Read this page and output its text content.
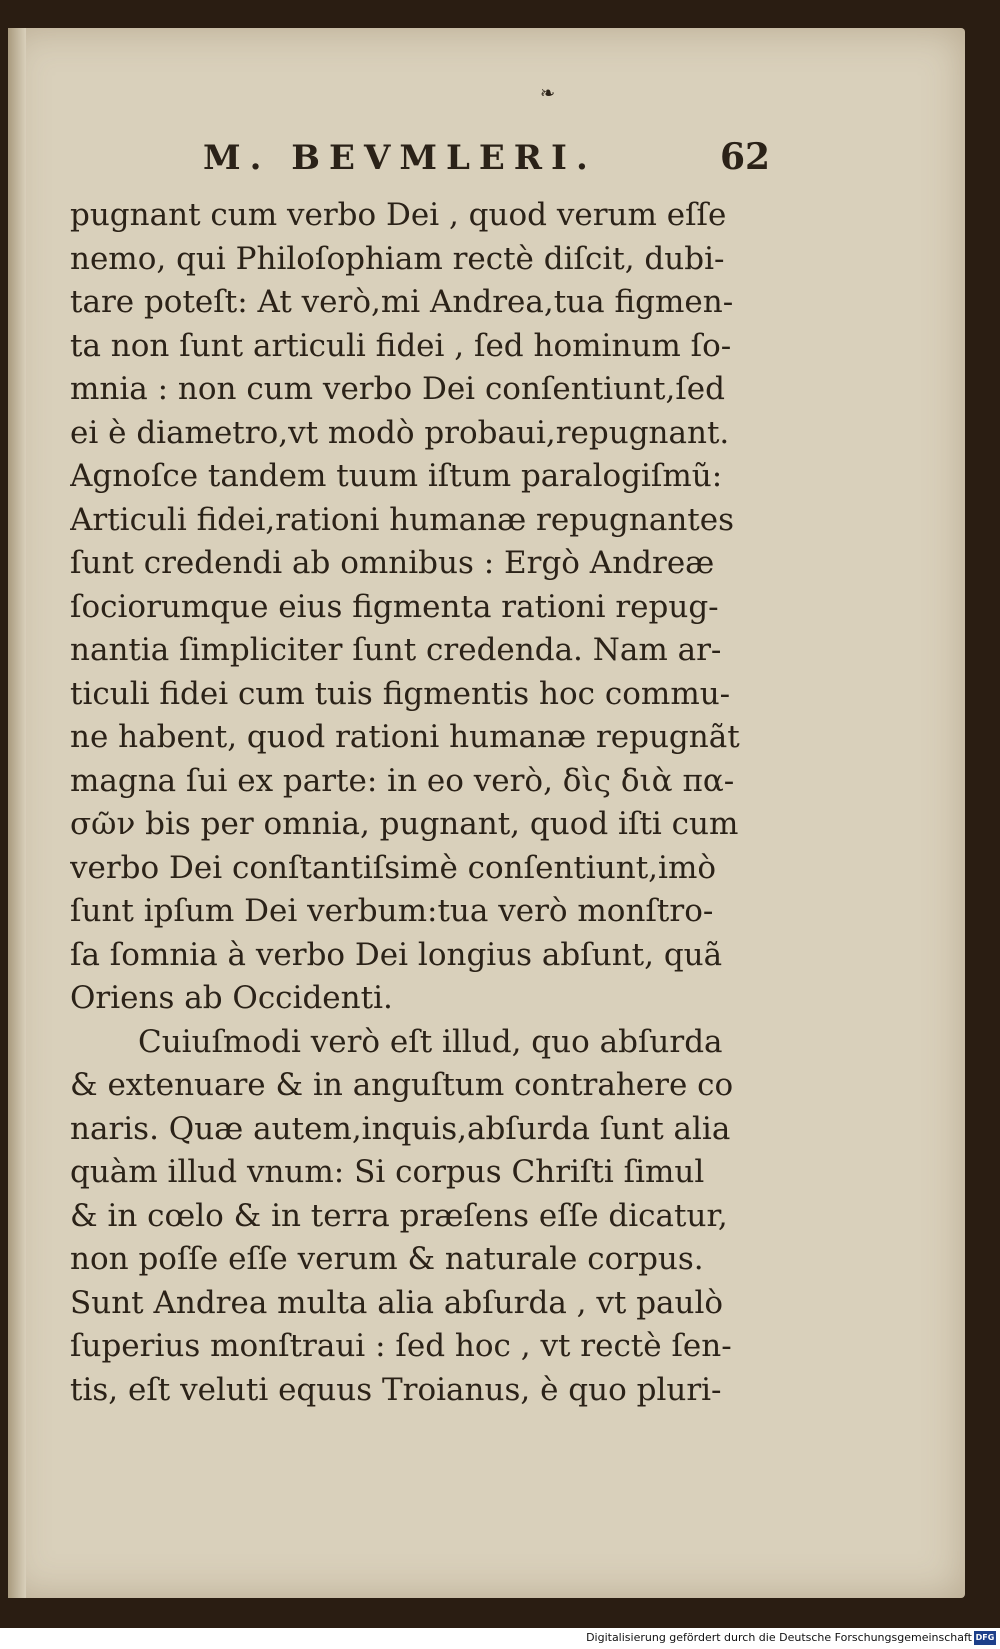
❧
M. BEVMLERI.	62
pugnant cum verbo Dei , quod verum eſſe
nemo, qui Philoſophiam rectè diſcit, dubi-
tare poteſt: At verò,mi Andrea,tua figmen-
ta non ſunt articuli fidei , ſed hominum ſo-
mnia : non cum verbo Dei conſentiunt,ſed
ei è diametro,vt modò probaui,repugnant.
Agnoſce tandem tuum iſtum paralogiſmũ:
Articuli fidei,rationi humanæ repugnantes
ſunt credendi ab omnibus : Ergò Andreæ
ſociorumque eius figmenta rationi repug-
nantia ſimpliciter ſunt credenda. Nam ar-
ticuli fidei cum tuis figmentis hoc commu-
ne habent, quod rationi humanæ repugnãt
magna ſui ex parte: in eo verò, δὶς διὰ πα-
σῶν bis per omnia, pugnant, quod iſti cum
verbo Dei conſtantiſsimè conſentiunt,imò
ſunt ipſum Dei verbum:tua verò monſtro-
ſa ſomnia à verbo Dei longius abſunt, quã
Oriens ab Occidenti.
Cuiuſmodi verò eſt illud, quo abſurda
& extenuare & in anguſtum contrahere co
naris. Quæ autem,inquis,abſurda ſunt alia
quàm illud vnum: Si corpus Chriſti ſimul
& in cœlo & in terra præſens eſſe dicatur,
non poſſe eſſe verum & naturale corpus.
Sunt Andrea multa alia abſurda , vt paulò
ſuperius monſtraui : ſed hoc , vt rectè ſen-
tis, eſt veluti equus Troianus, è quo pluri-
Digitalisierung gefördert durch die Deutsche Forschungsgemeinschaft DFG
